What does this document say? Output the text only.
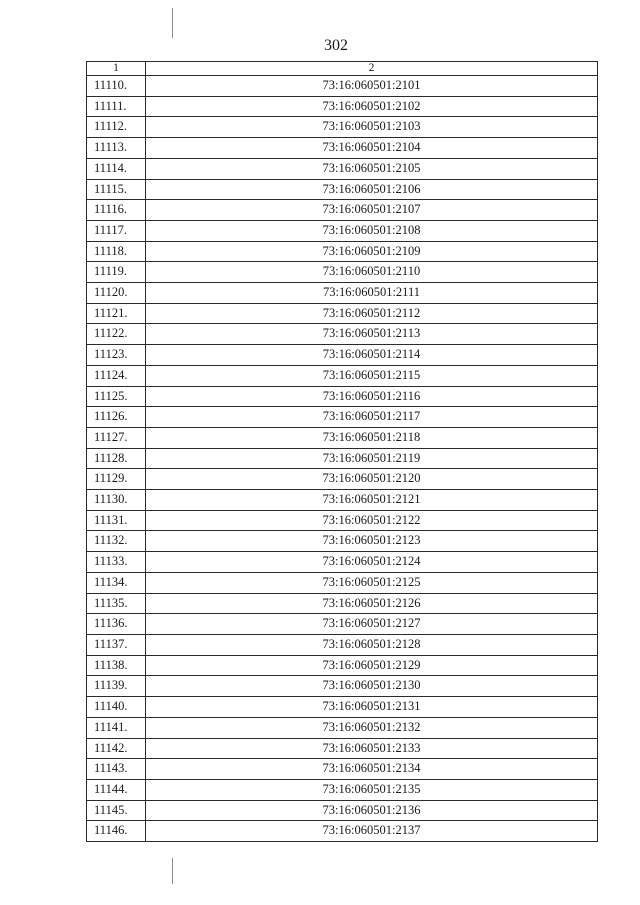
302
1	2
11110.	73:16:060501:2101
11111.	73:16:060501:2102
11112.	73:16:060501:2103
11113.	73:16:060501:2104
11114.	73:16:060501:2105
11115.	73:16:060501:2106
11116.	73:16:060501:2107
11117.	73:16:060501:2108
11118.	73:16:060501:2109
11119.	73:16:060501:2110
11120.	73:16:060501:2111
11121.	73:16:060501:2112
11122.	73:16:060501:2113
11123.	73:16:060501:2114
11124.	73:16:060501:2115
11125.	73:16:060501:2116
11126.	73:16:060501:2117
11127.	73:16:060501:2118
11128.	73:16:060501:2119
11129.	73:16:060501:2120
11130.	73:16:060501:2121
11131.	73:16:060501:2122
11132.	73:16:060501:2123
11133.	73:16:060501:2124
11134.	73:16:060501:2125
11135.	73:16:060501:2126
11136.	73:16:060501:2127
11137.	73:16:060501:2128
11138.	73:16:060501:2129
11139.	73:16:060501:2130
11140.	73:16:060501:2131
11141.	73:16:060501:2132
11142.	73:16:060501:2133
11143.	73:16:060501:2134
11144.	73:16:060501:2135
11145.	73:16:060501:2136
11146.	73:16:060501:2137
